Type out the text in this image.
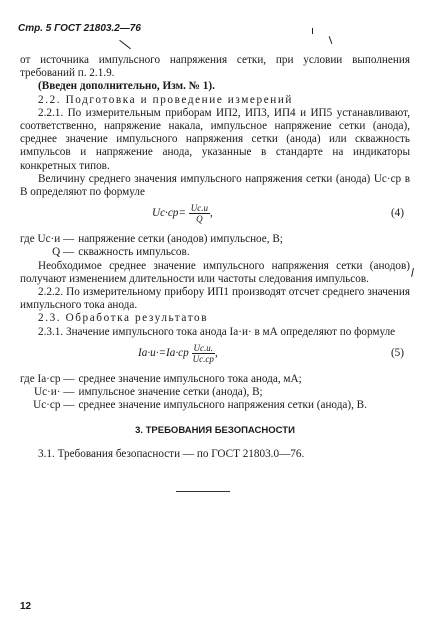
Стр. 5 ГОСТ 21803.2—76

от источника импульсного напряжения сетки, при условии выполнения требований п. 2.1.9.

(Введен дополнительно, Изм. № 1).

2.2. Подготовка и проведение измерений

2.2.1. По измерительным приборам ИП2, ИП3, ИП4 и ИП5 устанавливают, соответственно, напряжение накала, импульсное напряжение сетки (анода), среднее значение импульсного напряжения сетки (анода) или скважность импульсов и напряжение анода, указанные в стандарте на индикаторы конкретных типов.

Величину среднего значения импульсного напряжения сетки (анода) Uс·ср в В определяют по формуле

$Uс\cdot ср= \frac{Uс.и}{Q}$ ,	(4)
где Uс·и — напряжение сетки (анодов) импульсное, В;
Q — скважность импульсов.

Необходимое среднее значение импульсного напряжения сетки (анодов) получают изменением длительности или частоты следования импульсов.

2.2.2. По измерительному прибору ИП1 производят отсчет среднего значения импульсного тока анода.

2.3. Обработка результатов

2.3.1. Значение импульсного тока анода Iа·и· в мА определяют по формуле

$Iа\cdot и\cdot=Iа\cdot ср \frac{Uс.и.}{Uс.ср}$ ,	(5)
где Iа·ср — среднее значение импульсного тока анода, мА;
Uс·и· — импульсное значение сетки (анода), В;
Uс·ср — среднее значение импульсного напряжения сетки (анода), В.
3. ТРЕБОВАНИЯ БЕЗОПАСНОСТИ

3.1. Требования безопасности — по ГОСТ 21803.0—76.

12
